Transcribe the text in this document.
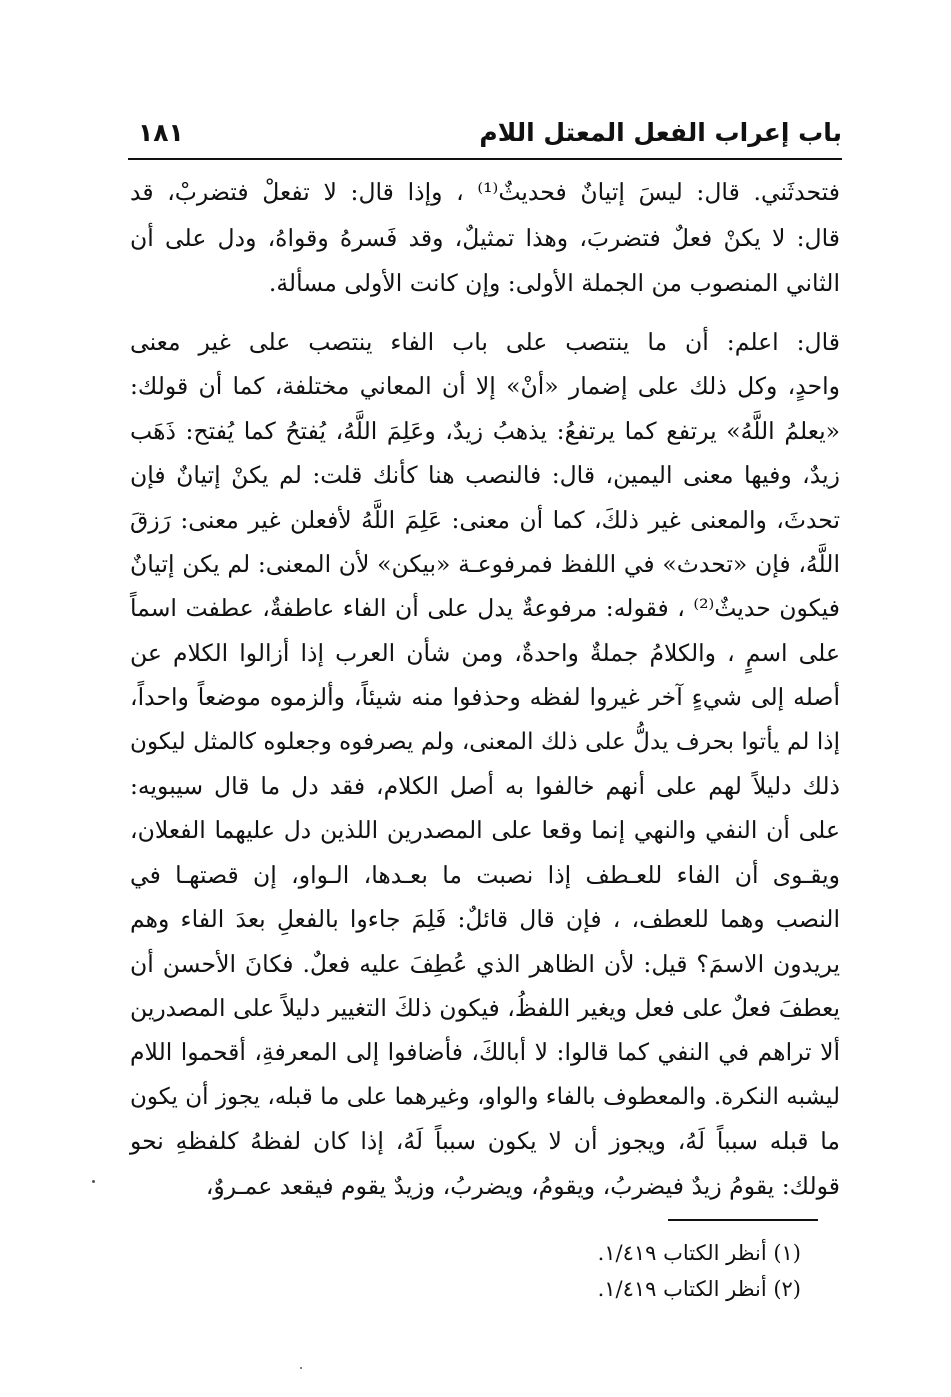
باب إعراب الفعل المعتل اللام
١٨١
فتحدثَني. قال: ليسَ إتيانٌ فحديثٌ⁽¹⁾ ، وإذا قال: لا تفعلْ فتضربْ، قد
قال: لا يكنْ فعلٌ فتضربَ، وهذا تمثيلٌ، وقد فَسرهُ وقواهُ، ودل على أن
الثاني المنصوب من الجملة الأولى: وإن كانت الأولى مسألة.
قال: اعلم: أن ما ينتصب على باب الفاء ينتصب على غير معنى
واحدٍ، وكل ذلك على إضمار «أنْ» إلا أن المعاني مختلفة، كما أن قولك:
«يعلمُ اللَّهُ» يرتفع كما يرتفعُ: يذهبُ زيدٌ، وعَلِمَ اللَّهُ، يُفتحُ كما يُفتح: ذَهَب
زيدٌ، وفيها معنى اليمين، قال: فالنصب هنا كأنك قلت: لم يكنْ إتيانٌ فإن
تحدثَ، والمعنى غير ذلكَ، كما أن معنى: عَلِمَ اللَّهُ لأفعلن غير معنى: رَزقَ
اللَّهُ، فإن «تحدث» في اللفظ فمرفوعـة «بيكن» لأن المعنى: لم يكن إتيانٌ
فيكون حديثٌ⁽²⁾ ، فقوله: مرفوعةٌ يدل على أن الفاء عاطفةٌ، عطفت اسماً
على اسمٍ ، والكلامُ جملةٌ واحدةٌ، ومن شأن العرب إذا أزالوا الكلام عن
أصله إلى شيءٍ آخر غيروا لفظه وحذفوا منه شيئاً، وألزموه موضعاً واحداً،
إذا لم يأتوا بحرف يدلُّ على ذلك المعنى، ولم يصرفوه وجعلوه كالمثل ليكون
ذلك دليلاً لهم على أنهم خالفوا به أصل الكلام، فقد دل ما قال سيبويه:
على أن النفي والنهي إنما وقعا على المصدرين اللذين دل عليهما الفعلان،
ويقـوى أن الفاء للعـطف إذا نصبت ما بعـدها، الـواو، إن قصتهـا في
النصب وهما للعطف، ، فإن قال قائلٌ: فَلِمَ جاءوا بالفعلِ بعدَ الفاء وهم
يريدون الاسمَ؟ قيل: لأن الظاهر الذي عُطِفَ عليه فعلٌ. فكانَ الأحسن أن
يعطفَ فعلٌ على فعل ويغير اللفظُ، فيكون ذلكَ التغيير دليلاً على المصدرين
ألا تراهم في النفي كما قالوا: لا أبالكَ، فأضافوا إلى المعرفةِ، أقحموا اللام
ليشبه النكرة. والمعطوف بالفاء والواو، وغيرهما على ما قبله، يجوز أن يكون
ما قبله سبباً لَهُ، ويجوز أن لا يكون سبباً لَهُ، إذا كان لفظهُ كلفظهِ نحو
قولك: يقومُ زيدٌ فيضربُ، ويقومُ، ويضربُ، وزيدٌ يقوم فيقعد عمـروٌ،
(١) أنظر الكتاب ١/٤١٩.
(٢) أنظر الكتاب ١/٤١٩.
